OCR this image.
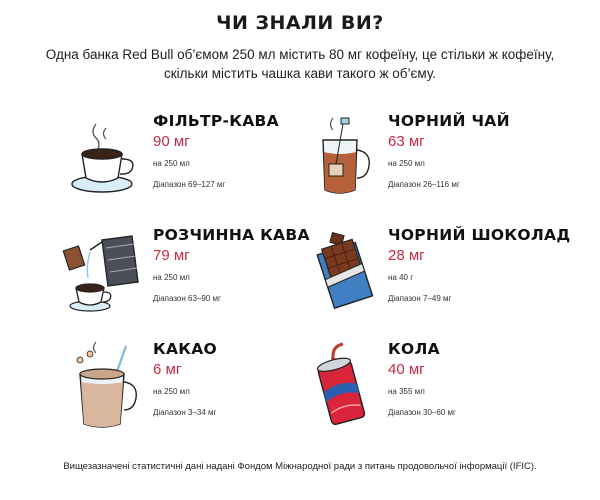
ЧИ ЗНАЛИ ВИ?
Одна банка Red Bull об’ємом 250 мл містить 80 мг кофеїну, це стільки ж кофеїну, скільки містить чашка кави такого ж об’єму.
ФІЛЬТР-КАВА
90 мг
на 250 мл
Діапазон 69–127 мг
ЧОРНИЙ ЧАЙ
63 мг
на 250 мл
Діапазон 26–116 мг
РОЗЧИННА КАВА
79 мг
на 250 мл
Діапазон 63–90 мг
ЧОРНИЙ ШОКОЛАД
28 мг
на 40 г
Діапазон 7–49 мг
КАКАО
6 мг
на 250 мл
Діапазон 3–34 мг
КОЛА
40 мг
на 355 мл
Діапазон 30–60 мг
Вищезазначені статистичні дані надані Фондом Міжнародної ради з питань продовольчої інформації (IFIC).
